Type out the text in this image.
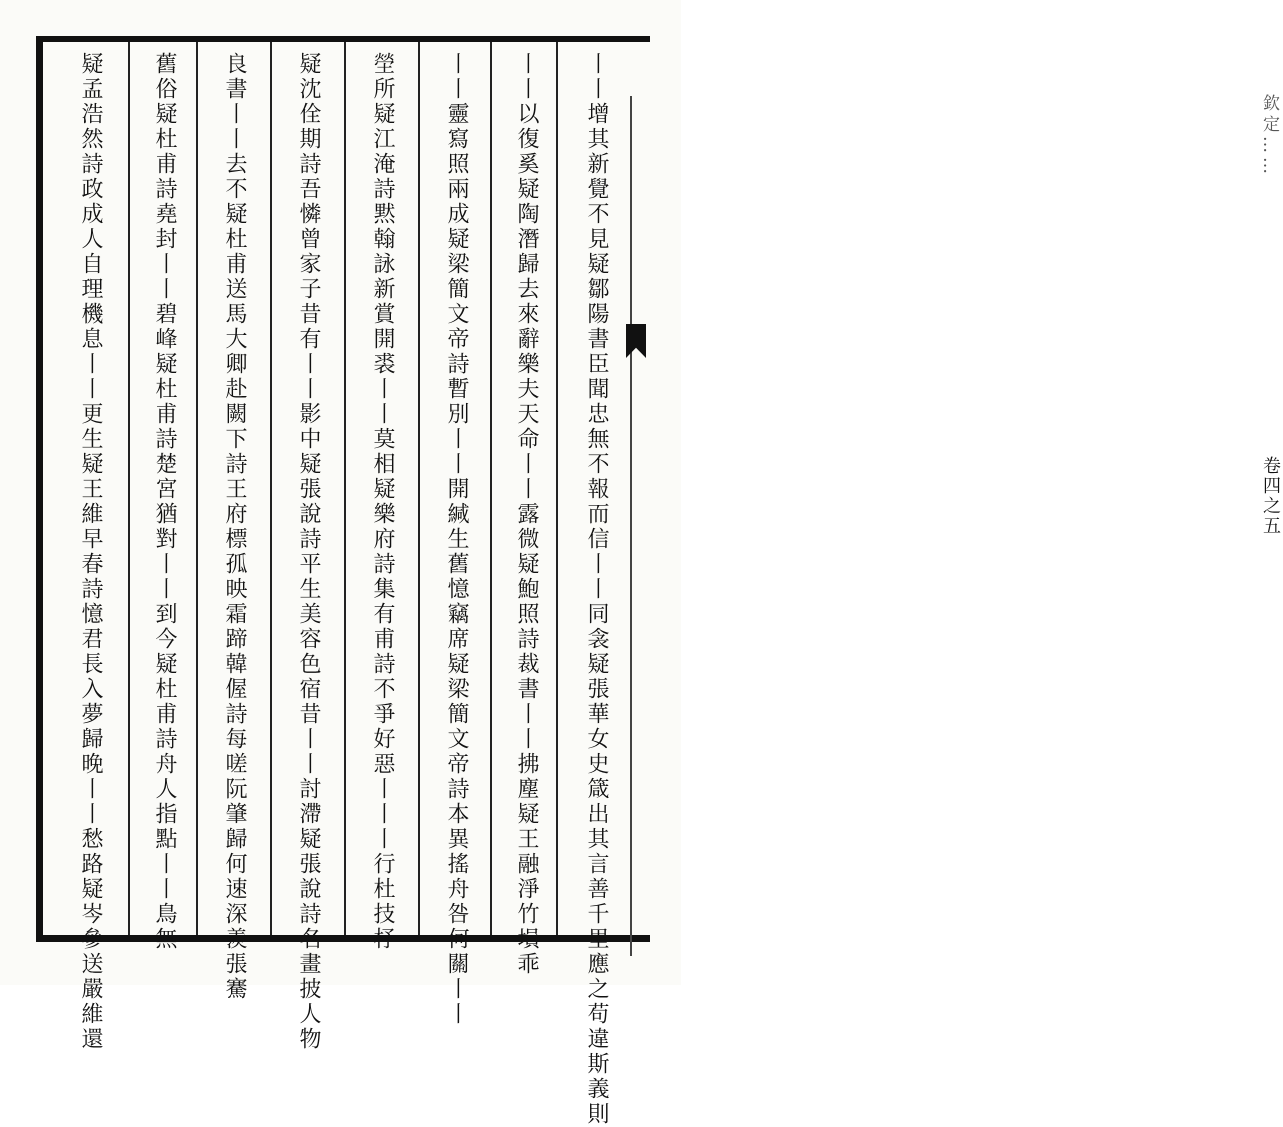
欽定……
卷四之五
丨丨增其新覺不見疑鄒陽書臣聞忠無不報而信丨丨同衾疑張華女史箴出其言善千里應之苟違斯義則
丨丨以復奚疑陶潛歸去來辭樂夫天命丨丨露微疑鮑照詩裁書丨丨拂塵疑王融淨竹塤乖
丨丨靈寫照兩成疑梁簡文帝詩暫別丨丨開緘生舊憶竊席疑梁簡文帝詩本異搖舟咎何關丨丨
塋所疑江淹詩黙翰詠新賞開裘丨丨莫相疑樂府詩集有甫詩不爭好惡丨丨丨行杜技杼
疑沈佺期詩吾憐曾家子昔有丨丨影中疑張說詩平生美容色宿昔丨丨討滯疑張說詩名畫披人物
良書丨丨去不疑杜甫送馬大卿赴闕下詩王府標孤映霜蹄韓偓詩每嗟阮肇歸何速深羨張騫
舊俗疑杜甫詩堯封丨丨碧峰疑杜甫詩楚宮猶對丨丨到今疑杜甫詩舟人指點丨丨鳥無
疑孟浩然詩政成人自理機息丨丨更生疑王維早春詩憶君長入夢歸晚丨丨愁路疑岑參送嚴維還
